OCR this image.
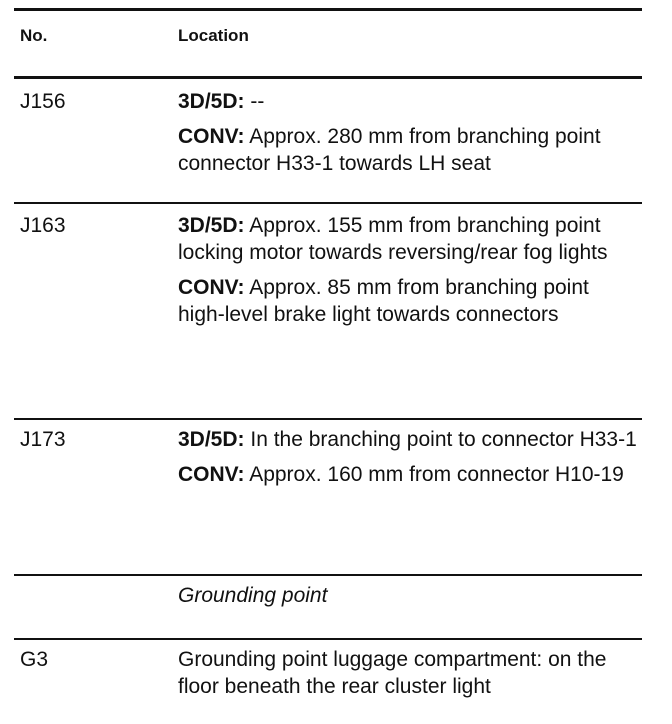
No.	Location
J156	3D/5D: --

CONV: Approx. 280 mm from branching point connector H33-1 towards LH seat

J163	3D/5D: Approx. 155 mm from branching point locking motor towards reversing/rear fog lights

CONV: Approx. 85 mm from branching point high-level brake light towards connectors

J173	3D/5D: In the branching point to connector H33-1

CONV: Approx. 160 mm from connector H10-19

Grounding point
G3	Grounding point luggage compartment: on the floor beneath the rear cluster light
